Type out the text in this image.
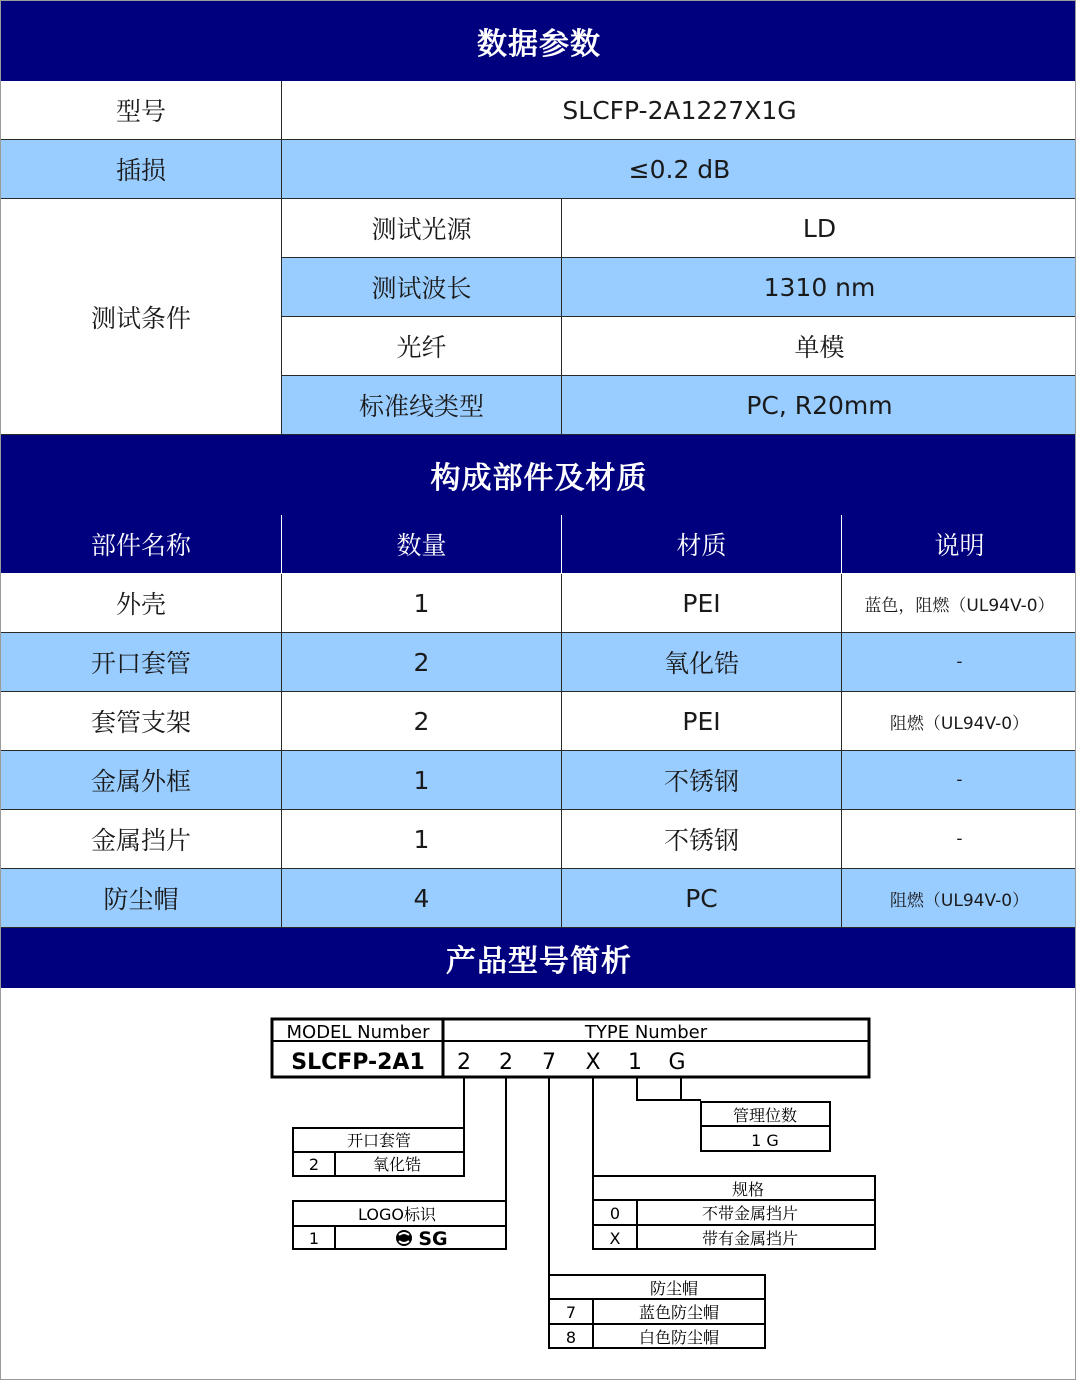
数据参数
型号	SLCFP-2A1227X1G
插损	≤0.2 dB
测试条件
测试光源	LD
测试波长	1310 nm
光纤	单模
标准线类型	PC, R20mm
构成部件及材质
部件名称	数量	材质	说明
外壳	1	PEI	蓝色，阻燃（UL94V-0）
开口套管	2	氧化锆	-
套管支架	2	PEI	阻燃（UL94V-0）
金属外框	1	不锈钢	-
金属挡片	1	不锈钢	-
防尘帽	4	PC	阻燃（UL94V-0）
产品型号简析
MODEL Number	TYPE Number
SLCFP-2A1 2 2 7 X 1 G
开口套管
2	氧化锆
LOGO标识
1	SG
管理位数
1 G
规格
0	不带金属挡片
X	带有金属挡片
防尘帽
7	蓝色防尘帽
8	白色防尘帽
